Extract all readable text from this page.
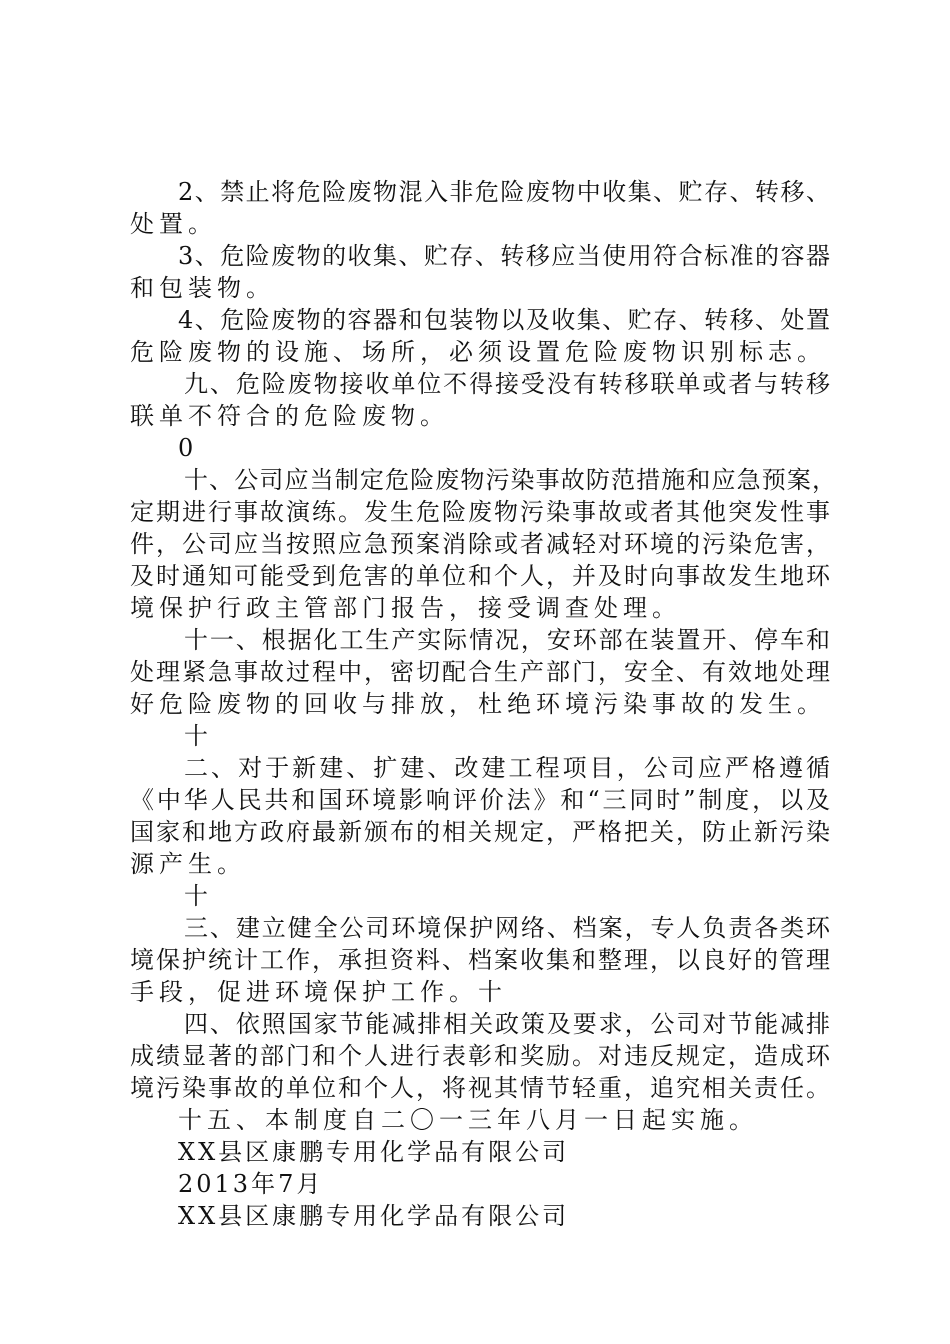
2、禁止将危险废物混入非危险废物中收集、贮存、转移、
处置。
3、危险废物的收集、贮存、转移应当使用符合标准的容器
和包装物。
4、危险废物的容器和包装物以及收集、贮存、转移、处置
危险废物的设施、场所，必须设置危险废物识别标志。
九、危险废物接收单位不得接受没有转移联单或者与转移
联单不符合的危险废物。
0
十、公司应当制定危险废物污染事故防范措施和应急预案，
定期进行事故演练。发生危险废物污染事故或者其他突发性事
件，公司应当按照应急预案消除或者减轻对环境的污染危害，
及时通知可能受到危害的单位和个人，并及时向事故发生地环
境保护行政主管部门报告，接受调查处理。
十一、根据化工生产实际情况，安环部在装置开、停车和
处理紧急事故过程中，密切配合生产部门，安全、有效地处理
好危险废物的回收与排放，杜绝环境污染事故的发生。
十
二、对于新建、扩建、改建工程项目，公司应严格遵循
《中华人民共和国环境影响评价法》和“三同时”制度，以及
国家和地方政府最新颁布的相关规定，严格把关，防止新污染
源产生。
十
三、建立健全公司环境保护网络、档案，专人负责各类环
境保护统计工作，承担资料、档案收集和整理，以良好的管理
手段，促进环境保护工作。十
四、依照国家节能减排相关政策及要求，公司对节能减排
成绩显著的部门和个人进行表彰和奖励。对违反规定，造成环
境污染事故的单位和个人，将视其情节轻重，追究相关责任。
十五、本制度自二〇一三年八月一日起实施。
XX县区康鹏专用化学品有限公司
2013年7月
XX县区康鹏专用化学品有限公司
